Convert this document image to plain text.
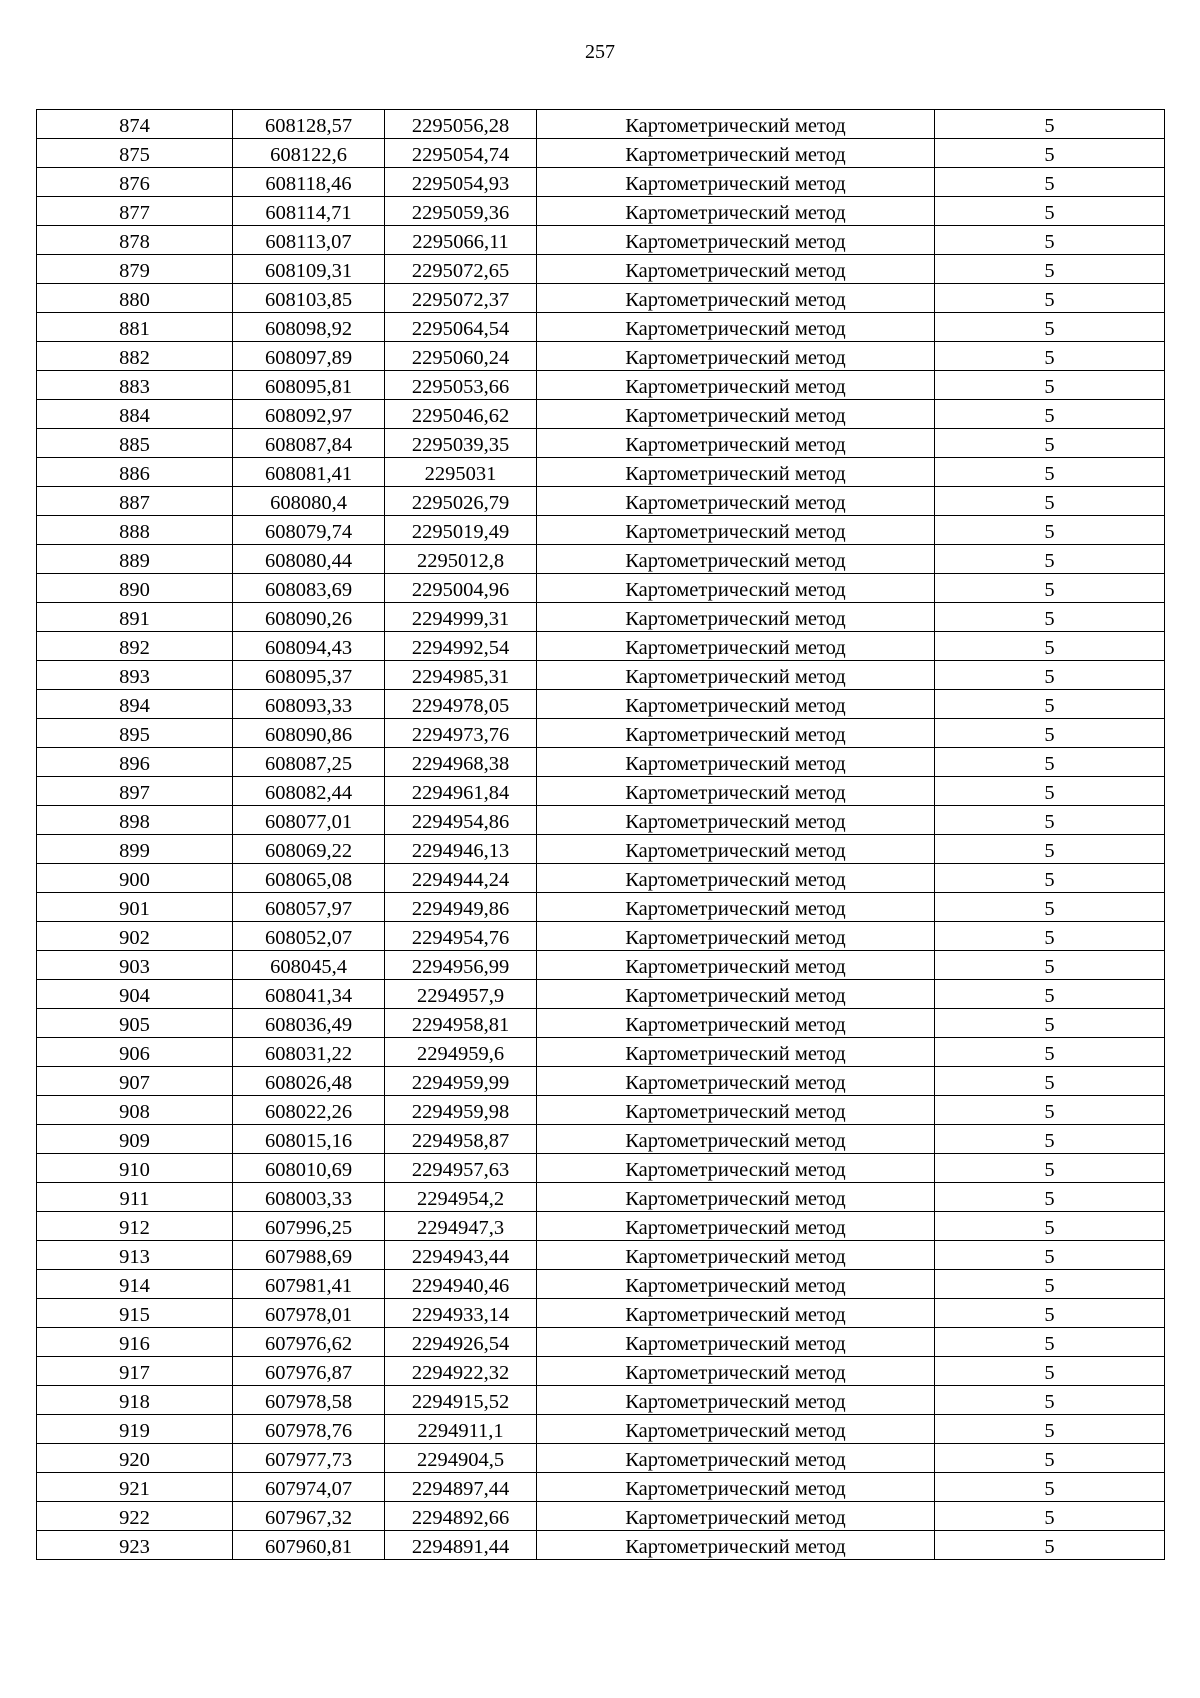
257
874	608128,57	2295056,28	Картометрический метод	5
875	608122,6	2295054,74	Картометрический метод	5
876	608118,46	2295054,93	Картометрический метод	5
877	608114,71	2295059,36	Картометрический метод	5
878	608113,07	2295066,11	Картометрический метод	5
879	608109,31	2295072,65	Картометрический метод	5
880	608103,85	2295072,37	Картометрический метод	5
881	608098,92	2295064,54	Картометрический метод	5
882	608097,89	2295060,24	Картометрический метод	5
883	608095,81	2295053,66	Картометрический метод	5
884	608092,97	2295046,62	Картометрический метод	5
885	608087,84	2295039,35	Картометрический метод	5
886	608081,41	2295031	Картометрический метод	5
887	608080,4	2295026,79	Картометрический метод	5
888	608079,74	2295019,49	Картометрический метод	5
889	608080,44	2295012,8	Картометрический метод	5
890	608083,69	2295004,96	Картометрический метод	5
891	608090,26	2294999,31	Картометрический метод	5
892	608094,43	2294992,54	Картометрический метод	5
893	608095,37	2294985,31	Картометрический метод	5
894	608093,33	2294978,05	Картометрический метод	5
895	608090,86	2294973,76	Картометрический метод	5
896	608087,25	2294968,38	Картометрический метод	5
897	608082,44	2294961,84	Картометрический метод	5
898	608077,01	2294954,86	Картометрический метод	5
899	608069,22	2294946,13	Картометрический метод	5
900	608065,08	2294944,24	Картометрический метод	5
901	608057,97	2294949,86	Картометрический метод	5
902	608052,07	2294954,76	Картометрический метод	5
903	608045,4	2294956,99	Картометрический метод	5
904	608041,34	2294957,9	Картометрический метод	5
905	608036,49	2294958,81	Картометрический метод	5
906	608031,22	2294959,6	Картометрический метод	5
907	608026,48	2294959,99	Картометрический метод	5
908	608022,26	2294959,98	Картометрический метод	5
909	608015,16	2294958,87	Картометрический метод	5
910	608010,69	2294957,63	Картометрический метод	5
911	608003,33	2294954,2	Картометрический метод	5
912	607996,25	2294947,3	Картометрический метод	5
913	607988,69	2294943,44	Картометрический метод	5
914	607981,41	2294940,46	Картометрический метод	5
915	607978,01	2294933,14	Картометрический метод	5
916	607976,62	2294926,54	Картометрический метод	5
917	607976,87	2294922,32	Картометрический метод	5
918	607978,58	2294915,52	Картометрический метод	5
919	607978,76	2294911,1	Картометрический метод	5
920	607977,73	2294904,5	Картометрический метод	5
921	607974,07	2294897,44	Картометрический метод	5
922	607967,32	2294892,66	Картометрический метод	5
923	607960,81	2294891,44	Картометрический метод	5
